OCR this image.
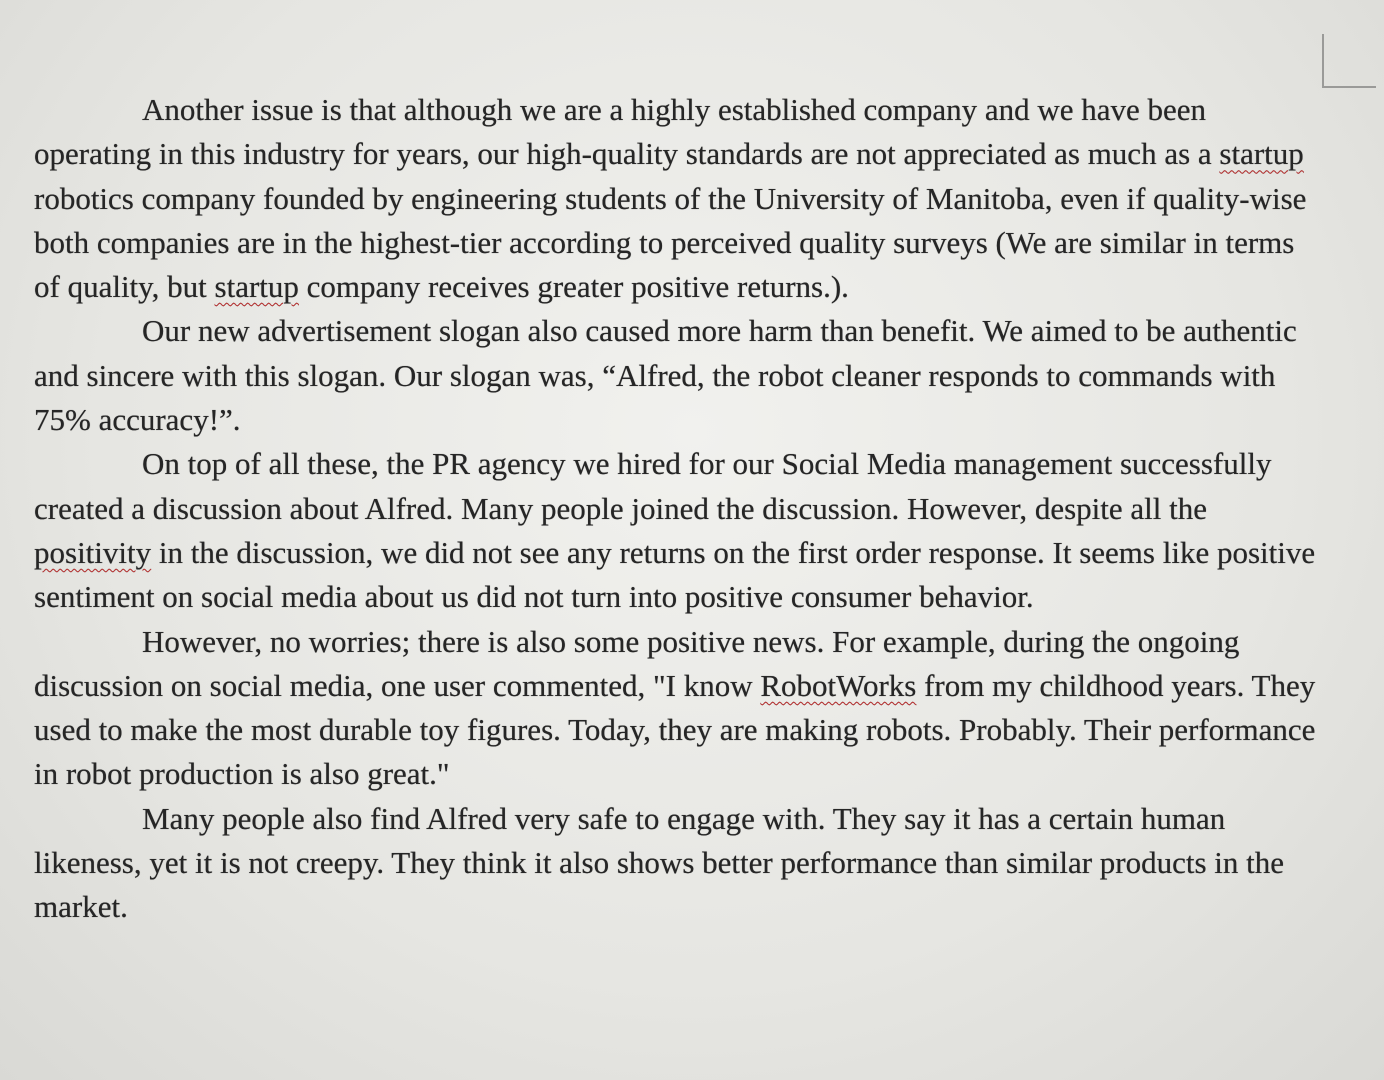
Another issue is that although we are a highly established company and we have been operating in this industry for years, our high-quality standards are not appreciated as much as a startup robotics company founded by engineering students of the University of Manitoba, even if quality-wise both companies are in the highest-tier according to perceived quality surveys (We are similar in terms of quality, but startup company receives greater positive returns.).

Our new advertisement slogan also caused more harm than benefit. We aimed to be authentic and sincere with this slogan. Our slogan was, “Alfred, the robot cleaner responds to commands with 75% accuracy!”.

On top of all these, the PR agency we hired for our Social Media management successfully created a discussion about Alfred. Many people joined the discussion. However, despite all the positivity in the discussion, we did not see any returns on the first order response. It seems like positive sentiment on social media about us did not turn into positive consumer behavior.

However, no worries; there is also some positive news. For example, during the ongoing discussion on social media, one user commented, "I know RobotWorks from my childhood years. They used to make the most durable toy figures. Today, they are making robots. Probably. Their performance in robot production is also great."

Many people also find Alfred very safe to engage with. They say it has a certain human likeness, yet it is not creepy. They think it also shows better performance than similar products in the market.
